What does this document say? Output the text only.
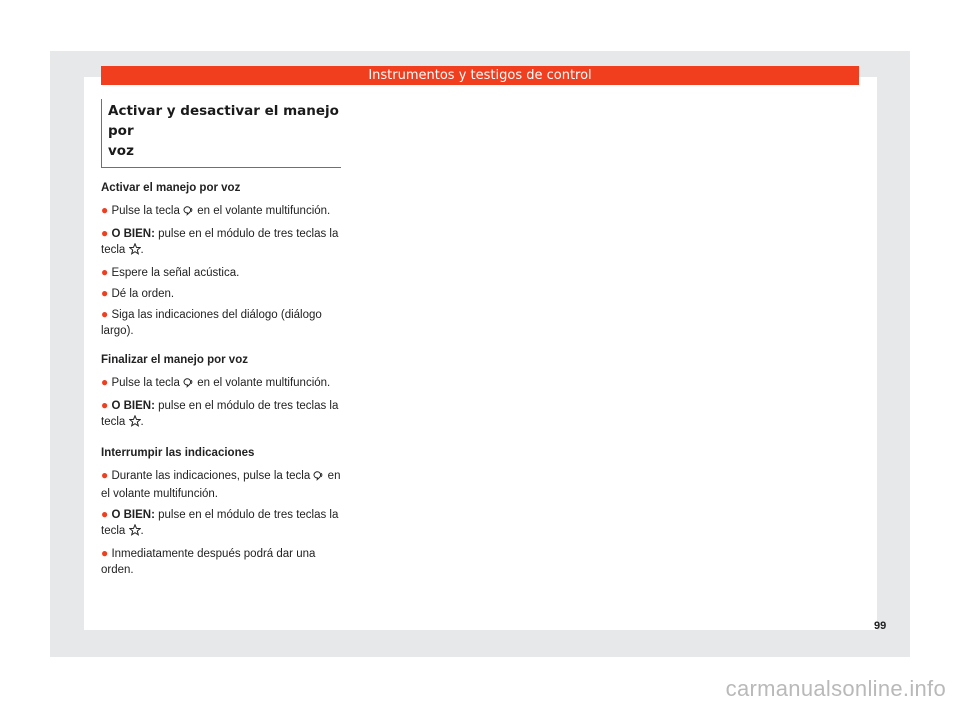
Instrumentos y testigos de control
Activar y desactivar el manejo por
voz
Activar el manejo por voz
● Pulse la tecla en el volante multifunción.
● O BIEN: pulse en el módulo de tres teclas la tecla .
● Espere la señal acústica.
● Dé la orden.
● Siga las indicaciones del diálogo (diálogo largo).
Finalizar el manejo por voz
● Pulse la tecla en el volante multifunción.
● O BIEN: pulse en el módulo de tres teclas la tecla .
Interrumpir las indicaciones
● Durante las indicaciones, pulse la tecla en el volante multifunción.
● O BIEN: pulse en el módulo de tres teclas la tecla .
● Inmediatamente después podrá dar una orden.
99
carmanualsonline.info
